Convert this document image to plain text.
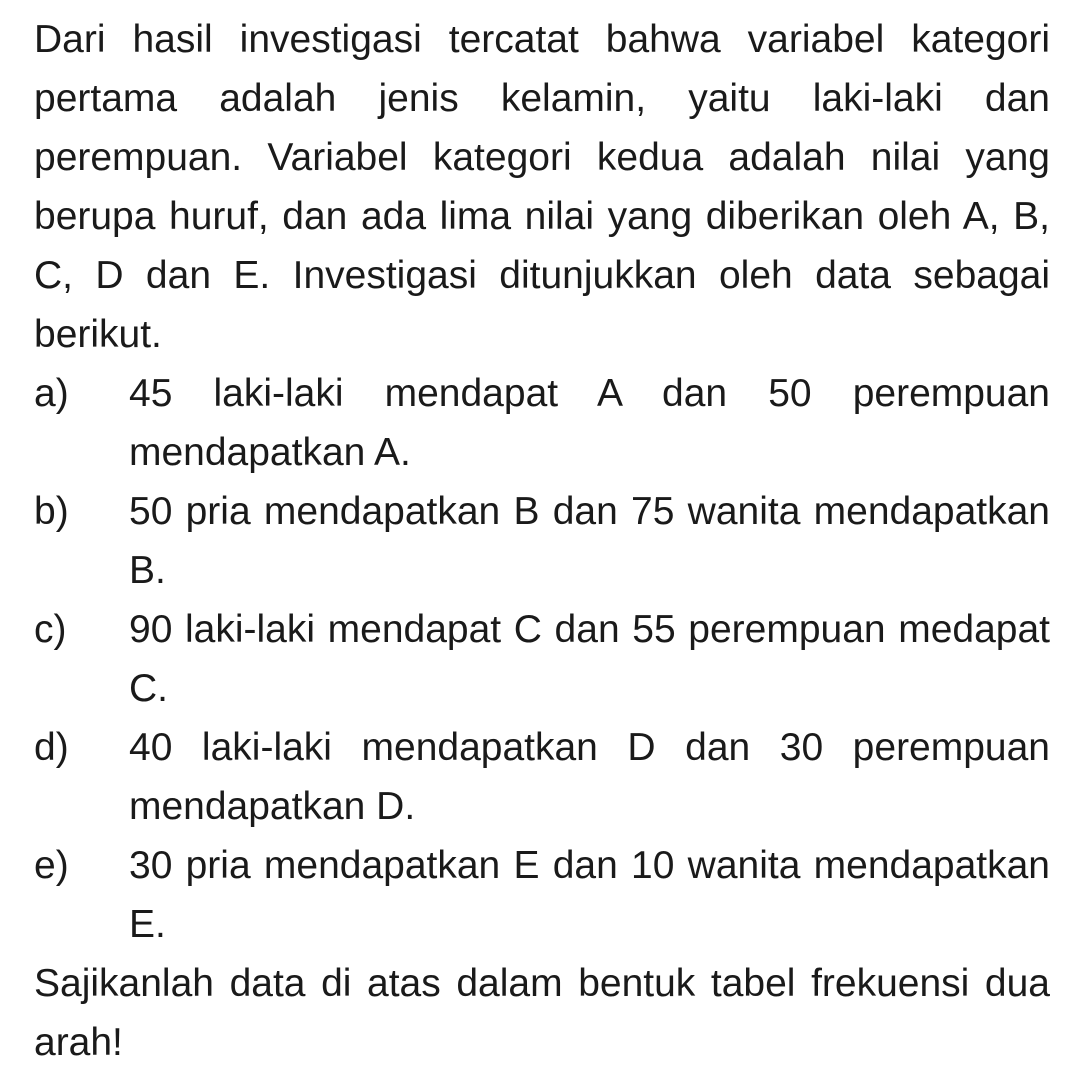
Dari hasil investigasi tercatat bahwa variabel kategori pertama adalah jenis kelamin, yaitu laki-laki dan perempuan. Variabel kategori kedua adalah nilai yang berupa huruf, dan ada lima nilai yang diberikan oleh A, B, C, D dan E. Investigasi ditunjukkan oleh data sebagai berikut.

a)	45 laki-laki mendapat A dan 50 perempuan mendapatkan A.
b)	50 pria mendapatkan B dan 75 wanita mendapatkan B.
c)	90 laki-laki mendapat C dan 55 perempuan medapat C.
d)	40 laki-laki mendapatkan D dan 30 perempuan mendapatkan D.
e)	30 pria mendapatkan E dan 10 wanita mendapatkan E.

Sajikanlah data di atas dalam bentuk tabel frekuensi dua arah!
